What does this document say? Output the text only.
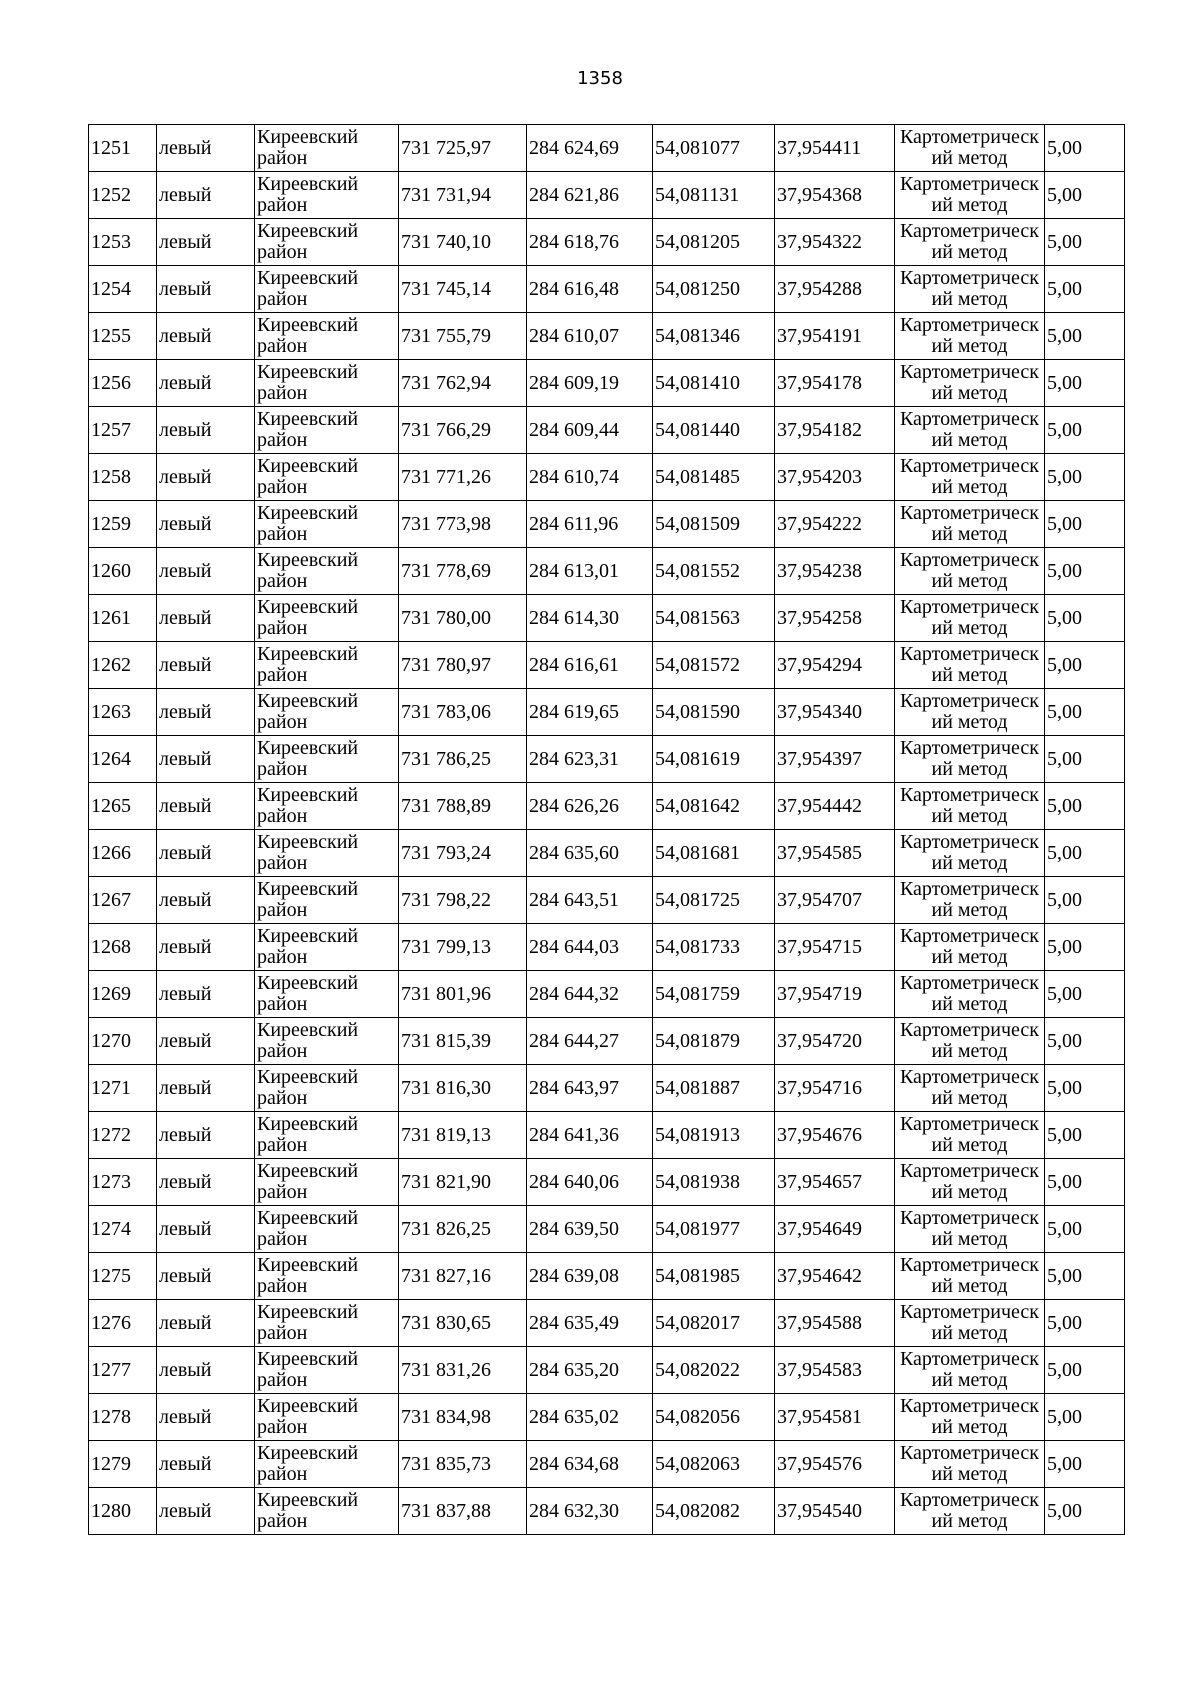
1358
1251	левый	Киреевский район	731 725,97	284 624,69	54,081077	37,954411	Картометрическ ий метод	5,00
1252	левый	Киреевский район	731 731,94	284 621,86	54,081131	37,954368	Картометрическ ий метод	5,00
1253	левый	Киреевский район	731 740,10	284 618,76	54,081205	37,954322	Картометрическ ий метод	5,00
1254	левый	Киреевский район	731 745,14	284 616,48	54,081250	37,954288	Картометрическ ий метод	5,00
1255	левый	Киреевский район	731 755,79	284 610,07	54,081346	37,954191	Картометрическ ий метод	5,00
1256	левый	Киреевский район	731 762,94	284 609,19	54,081410	37,954178	Картометрическ ий метод	5,00
1257	левый	Киреевский район	731 766,29	284 609,44	54,081440	37,954182	Картометрическ ий метод	5,00
1258	левый	Киреевский район	731 771,26	284 610,74	54,081485	37,954203	Картометрическ ий метод	5,00
1259	левый	Киреевский район	731 773,98	284 611,96	54,081509	37,954222	Картометрическ ий метод	5,00
1260	левый	Киреевский район	731 778,69	284 613,01	54,081552	37,954238	Картометрическ ий метод	5,00
1261	левый	Киреевский район	731 780,00	284 614,30	54,081563	37,954258	Картометрическ ий метод	5,00
1262	левый	Киреевский район	731 780,97	284 616,61	54,081572	37,954294	Картометрическ ий метод	5,00
1263	левый	Киреевский район	731 783,06	284 619,65	54,081590	37,954340	Картометрическ ий метод	5,00
1264	левый	Киреевский район	731 786,25	284 623,31	54,081619	37,954397	Картометрическ ий метод	5,00
1265	левый	Киреевский район	731 788,89	284 626,26	54,081642	37,954442	Картометрическ ий метод	5,00
1266	левый	Киреевский район	731 793,24	284 635,60	54,081681	37,954585	Картометрическ ий метод	5,00
1267	левый	Киреевский район	731 798,22	284 643,51	54,081725	37,954707	Картометрическ ий метод	5,00
1268	левый	Киреевский район	731 799,13	284 644,03	54,081733	37,954715	Картометрическ ий метод	5,00
1269	левый	Киреевский район	731 801,96	284 644,32	54,081759	37,954719	Картометрическ ий метод	5,00
1270	левый	Киреевский район	731 815,39	284 644,27	54,081879	37,954720	Картометрическ ий метод	5,00
1271	левый	Киреевский район	731 816,30	284 643,97	54,081887	37,954716	Картометрическ ий метод	5,00
1272	левый	Киреевский район	731 819,13	284 641,36	54,081913	37,954676	Картометрическ ий метод	5,00
1273	левый	Киреевский район	731 821,90	284 640,06	54,081938	37,954657	Картометрическ ий метод	5,00
1274	левый	Киреевский район	731 826,25	284 639,50	54,081977	37,954649	Картометрическ ий метод	5,00
1275	левый	Киреевский район	731 827,16	284 639,08	54,081985	37,954642	Картометрическ ий метод	5,00
1276	левый	Киреевский район	731 830,65	284 635,49	54,082017	37,954588	Картометрическ ий метод	5,00
1277	левый	Киреевский район	731 831,26	284 635,20	54,082022	37,954583	Картометрическ ий метод	5,00
1278	левый	Киреевский район	731 834,98	284 635,02	54,082056	37,954581	Картометрическ ий метод	5,00
1279	левый	Киреевский район	731 835,73	284 634,68	54,082063	37,954576	Картометрическ ий метод	5,00
1280	левый	Киреевский район	731 837,88	284 632,30	54,082082	37,954540	Картометрическ ий метод	5,00
